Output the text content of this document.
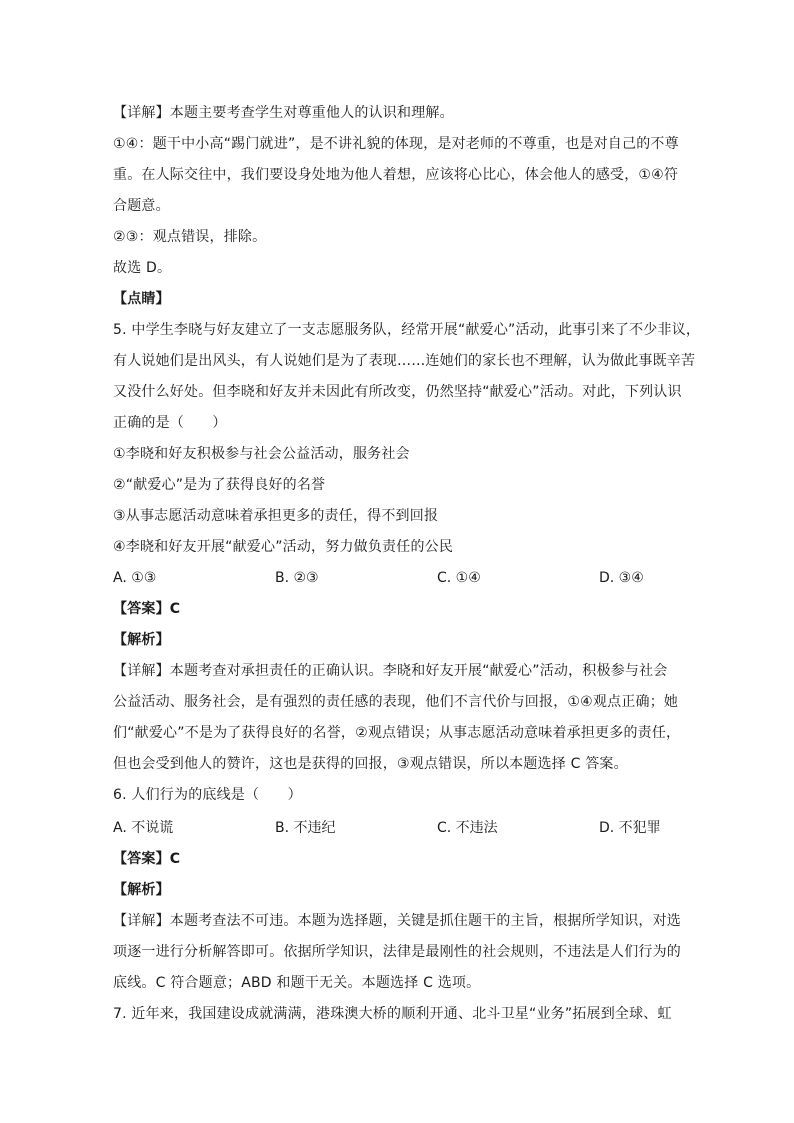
【详解】本题主要考查学生对尊重他人的认识和理解。
①④：题干中小高“踢门就进”，是不讲礼貌的体现，是对老师的不尊重，也是对自己的不尊
重。在人际交往中，我们要设身处地为他人着想，应该将心比心，体会他人的感受，①④符
合题意。
②③：观点错误，排除。
故选 D。
【点睛】
5. 中学生李晓与好友建立了一支志愿服务队，经常开展“献爱心”活动，此事引来了不少非议，
有人说她们是出风头，有人说她们是为了表现……连她们的家长也不理解，认为做此事既辛苦
又没什么好处。但李晓和好友并未因此有所改变，仍然坚持“献爱心”活动。对此，下列认识
正确的是（　　）
①李晓和好友积极参与社会公益活动，服务社会
②“献爱心”是为了获得良好的名誉
③从事志愿活动意味着承担更多的责任，得不到回报
④李晓和好友开展“献爱心”活动，努力做负责任的公民
A. ①③	B. ②③	C. ①④	D. ③④
【答案】C
【解析】
【详解】本题考查对承担责任的正确认识。李晓和好友开展“献爱心”活动，积极参与社会
公益活动、服务社会，是有强烈的责任感的表现，他们不言代价与回报，①④观点正确；她
们“献爱心”不是为了获得良好的名誉，②观点错误；从事志愿活动意味着承担更多的责任，
但也会受到他人的赞许，这也是获得的回报，③观点错误，所以本题选择 C 答案。
6. 人们行为的底线是（　　）
A. 不说谎	B. 不违纪	C. 不违法	D. 不犯罪
【答案】C
【解析】
【详解】本题考查法不可违。本题为选择题，关键是抓住题干的主旨，根据所学知识，对选
项逐一进行分析解答即可。依据所学知识，法律是最刚性的社会规则，不违法是人们行为的
底线。C 符合题意；ABD 和题干无关。本题选择 C 选项。
7. 近年来，我国建设成就满满，港珠澳大桥的顺利开通、北斗卫星“业务”拓展到全球、虹
